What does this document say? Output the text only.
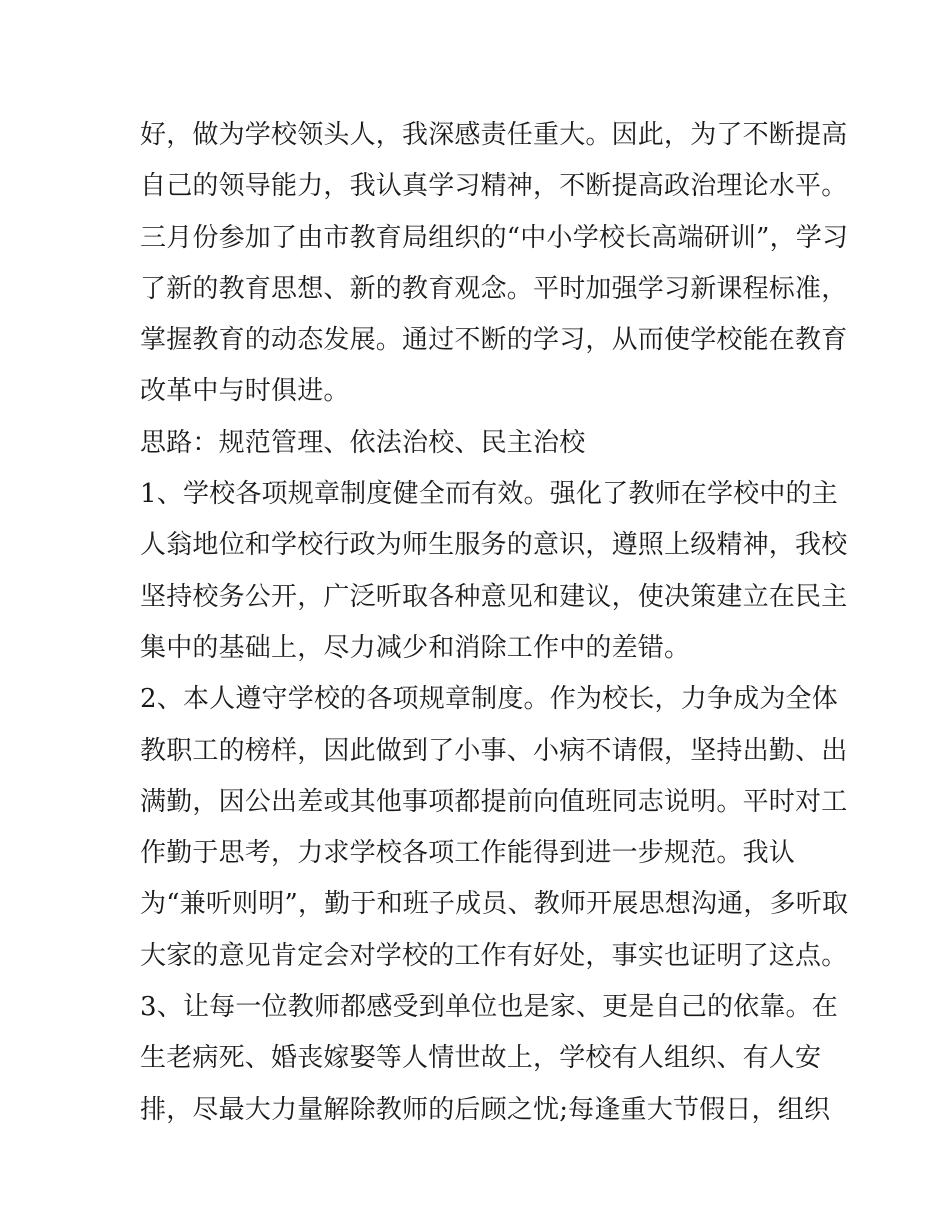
好，做为学校领头人，我深感责任重大。因此，为了不断提高
自己的领导能力，我认真学习精神，不断提高政治理论水平。
三月份参加了由市教育局组织的“中小学校长高端研训”，学习
了新的教育思想、新的教育观念。平时加强学习新课程标准，
掌握教育的动态发展。通过不断的学习，从而使学校能在教育
改革中与时俱进。
思路：规范管理、依法治校、民主治校
1、学校各项规章制度健全而有效。强化了教师在学校中的主
人翁地位和学校行政为师生服务的意识，遵照上级精神，我校
坚持校务公开，广泛听取各种意见和建议，使决策建立在民主
集中的基础上，尽力减少和消除工作中的差错。
2、本人遵守学校的各项规章制度。作为校长，力争成为全体
教职工的榜样，因此做到了小事、小病不请假，坚持出勤、出
满勤，因公出差或其他事项都提前向值班同志说明。平时对工
作勤于思考，力求学校各项工作能得到进一步规范。我认
为“兼听则明”，勤于和班子成员、教师开展思想沟通，多听取
大家的意见肯定会对学校的工作有好处，事实也证明了这点。
3、让每一位教师都感受到单位也是家、更是自己的依靠。在
生老病死、婚丧嫁娶等人情世故上，学校有人组织、有人安
排，尽最大力量解除教师的后顾之忧;每逢重大节假日，组织
